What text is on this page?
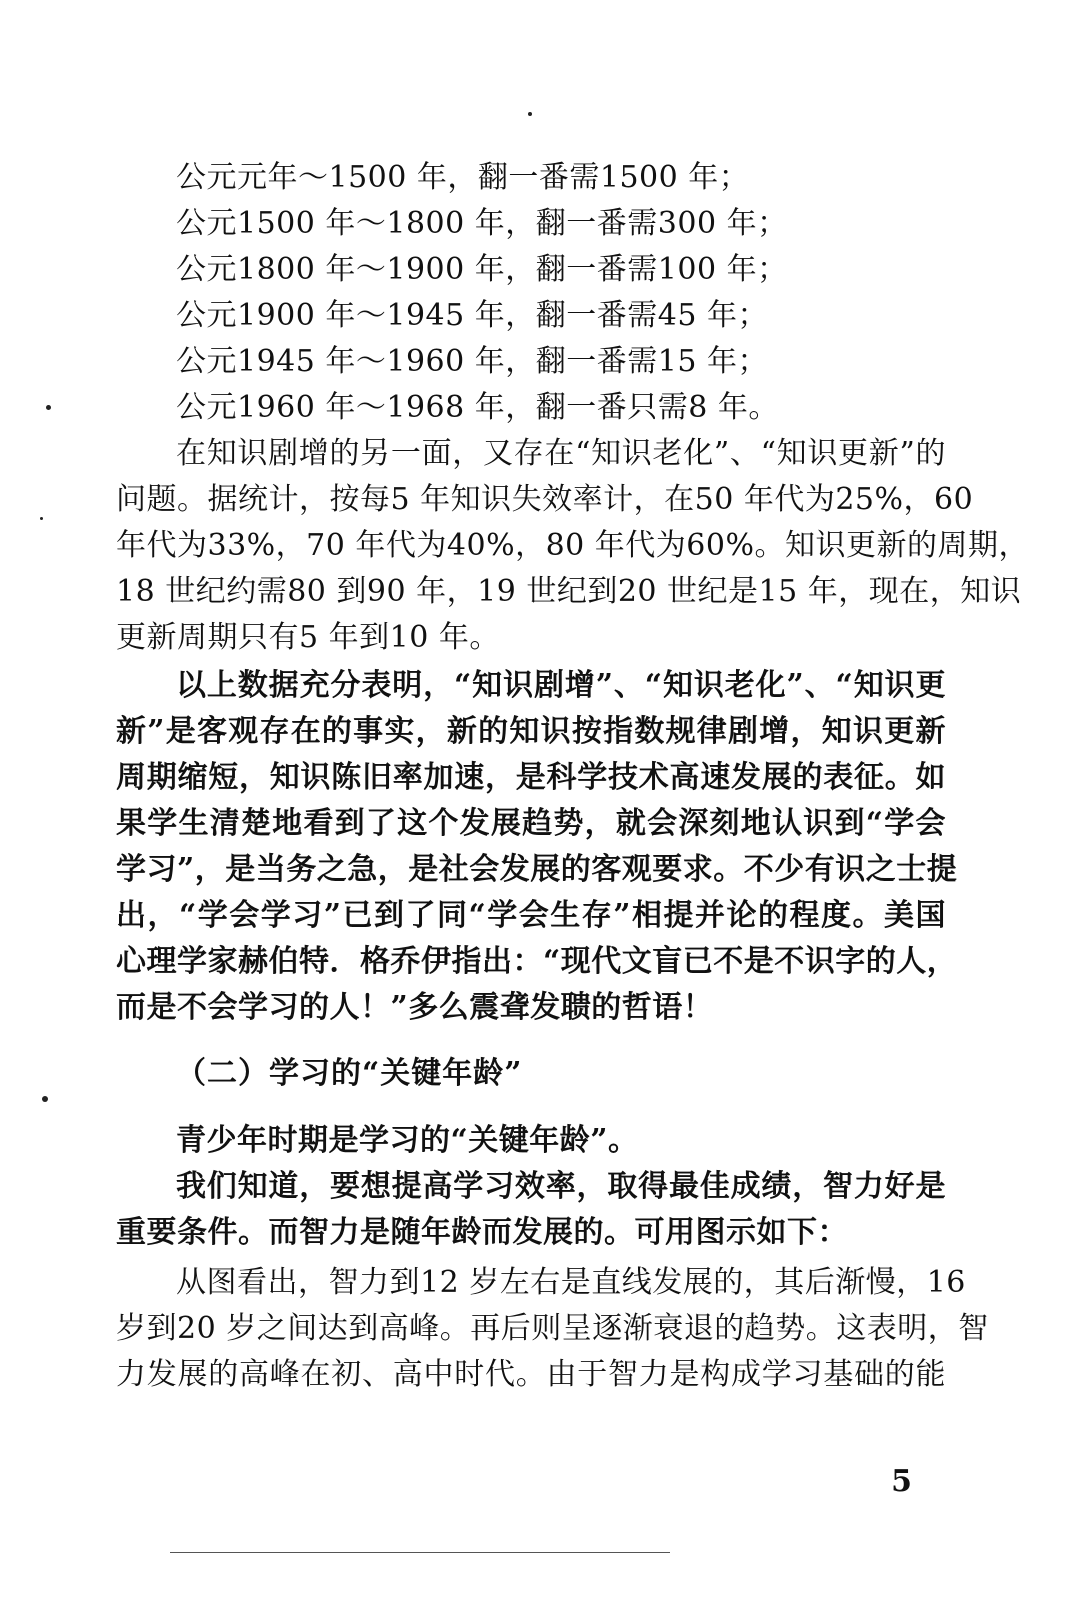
公元元年～1500 年，翻一番需1500 年；
公元1500 年～1800 年，翻一番需300 年；
公元1800 年～1900 年，翻一番需100 年；
公元1900 年～1945 年，翻一番需45 年；
公元1945 年～1960 年，翻一番需15 年；
公元1960 年～1968 年，翻一番只需8 年。
在知识剧增的另一面，又存在“知识老化”、“知识更新”的
问题。据统计，按每5 年知识失效率计，在50 年代为25%，60
年代为33%，70 年代为40%，80 年代为60%。知识更新的周期，
18 世纪约需80 到90 年，19 世纪到20 世纪是15 年，现在，知识
更新周期只有5 年到10 年。
以上数据充分表明，“知识剧增”、“知识老化”、“知识更
新”是客观存在的事实，新的知识按指数规律剧增，知识更新
周期缩短，知识陈旧率加速，是科学技术高速发展的表征。如
果学生清楚地看到了这个发展趋势，就会深刻地认识到“学会
学习”，是当务之急，是社会发展的客观要求。不少有识之士提
出，“学会学习”已到了同“学会生存”相提并论的程度。美国
心理学家赫伯特．格乔伊指出：“现代文盲已不是不识字的人，
而是不会学习的人！”多么震聋发聩的哲语！
（二）学习的“关键年龄”
青少年时期是学习的“关键年龄”。
我们知道，要想提高学习效率，取得最佳成绩，智力好是
重要条件。而智力是随年龄而发展的。可用图示如下：
从图看出，智力到12 岁左右是直线发展的，其后渐慢，16
岁到20 岁之间达到高峰。再后则呈逐渐衰退的趋势。这表明，智
力发展的高峰在初、高中时代。由于智力是构成学习基础的能
5
